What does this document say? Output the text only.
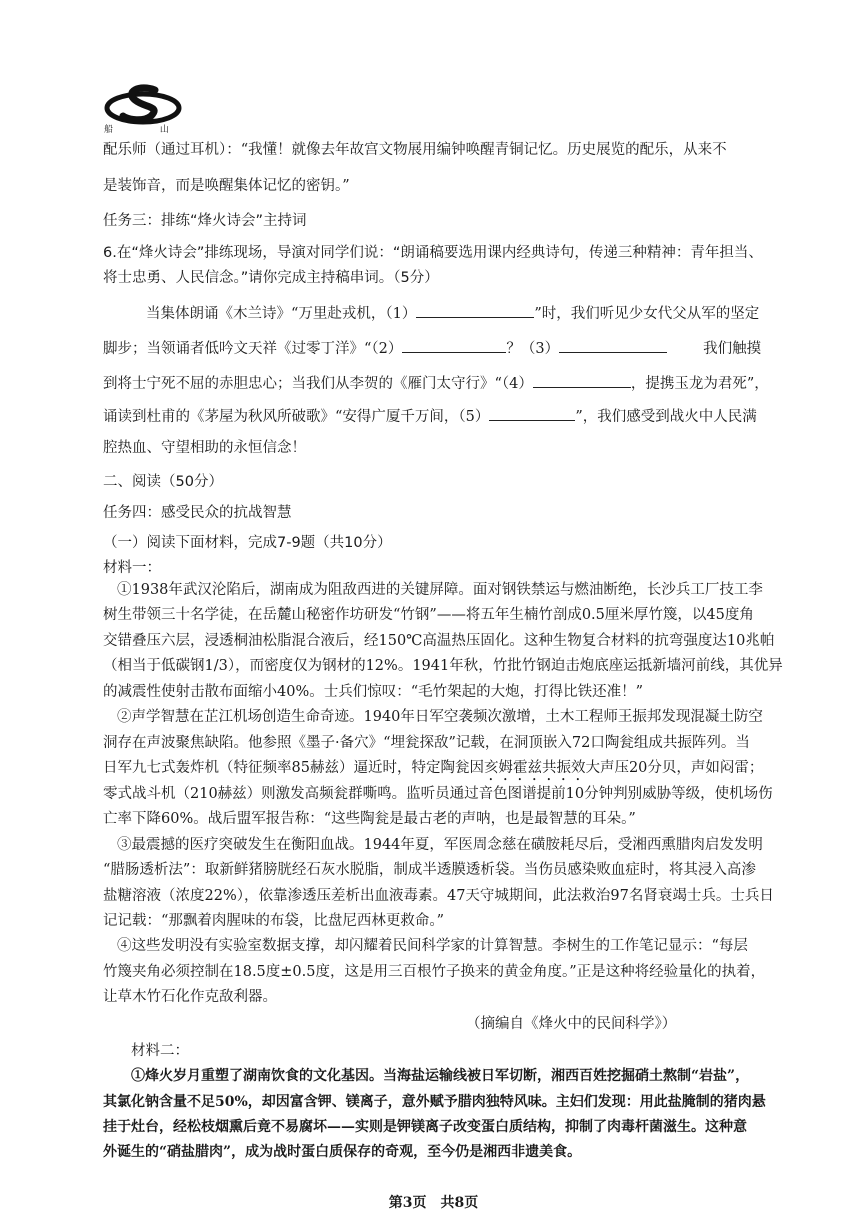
船 山
配乐师（通过耳机）：“我懂！就像去年故宫文物展用编钟唤醒青铜记忆。历史展览的配乐，从来不
是装饰音，而是唤醒集体记忆的密钥。”
任务三：排练“烽火诗会”主持词
6.在“烽火诗会”排练现场，导演对同学们说：“朗诵稿要选用课内经典诗句，传递三种精神：青年担当、
将士忠勇、人民信念。”请你完成主持稿串词。（5分）
当集体朗诵《木兰诗》“万里赴戎机，（1）	”时，我们听见少女代父从军的坚定
脚步；当领诵者低吟文天祥《过零丁洋》“（2）	？（3）	我们触摸
到将士宁死不屈的赤胆忠心；当我们从李贺的《雁门太守行》“（4）	，提携玉龙为君死”，
诵读到杜甫的《茅屋为秋风所破歌》“安得广厦千万间，（5）	”，我们感受到战火中人民满
腔热血、守望相助的永恒信念！
二、阅读（50分）
任务四：感受民众的抗战智慧
（一）阅读下面材料，完成7-9题（共10分）
材料一：
①1938年武汉沦陷后，湖南成为阻敌西进的关键屏障。面对钢铁禁运与燃油断绝，长沙兵工厂技工李
树生带领三十名学徒，在岳麓山秘密作坊研发“竹钢”——将五年生楠竹剖成0.5厘米厚竹篾，以45度角
交错叠压六层，浸透桐油松脂混合液后，经150℃高温热压固化。这种生物复合材料的抗弯强度达10兆帕
（相当于低碳钢1/3），而密度仅为钢材的12%。1941年秋，竹批竹钢迫击炮底座运抵新墙河前线，其优异
的减震性使射击散布面缩小40%。士兵们惊叹：“毛竹架起的大炮，打得比铁还准！”
②声学智慧在芷江机场创造生命奇迹。1940年日军空袭频次激增，土木工程师王振邦发现混凝土防空
洞存在声波聚焦缺陷。他参照《墨子·备穴》“埋瓮探敌”记载，在洞顶嵌入72口陶瓮组成共振阵列。当
日军九七式轰炸机（特征频率85赫兹）逼近时，特定陶瓮因亥姆霍兹共振效大声压20分贝，声如闷雷；
零式战斗机（210赫兹）则激发高频瓮群嘶鸣。监听员通过音色图谱提前10分钟判别威胁等级，使机场伤
亡率下降60%。战后盟军报告称：“这些陶瓮是最古老的声呐，也是最智慧的耳朵。”
③最震撼的医疗突破发生在衡阳血战。1944年夏，军医周念慈在磺胺耗尽后，受湘西熏腊肉启发发明
“腊肠透析法”：取新鲜猪膀胱经石灰水脱脂，制成半透膜透析袋。当伤员感染败血症时，将其浸入高渗
盐糖溶液（浓度22%），依靠渗透压差析出血液毒素。47天守城期间，此法救治97名肾衰竭士兵。士兵日
记记载：“那飘着肉腥味的布袋，比盘尼西林更救命。”
④这些发明没有实验室数据支撑，却闪耀着民间科学家的计算智慧。李树生的工作笔记显示：“每层
竹篾夹角必须控制在18.5度±0.5度，这是用三百根竹子换来的黄金角度。”正是这种将经验量化的执着，
让草木竹石化作克敌利器。
（摘编自《烽火中的民间科学》）
材料二：
①烽火岁月重塑了湖南饮食的文化基因。当海盐运输线被日军切断，湘西百姓挖掘硝土熬制“岩盐”，
其氯化钠含量不足50%，却因富含钾、镁离子，意外赋予腊肉独特风味。主妇们发现：用此盐腌制的猪肉悬
挂于灶台，经松枝烟熏后竟不易腐坏——实则是钾镁离子改变蛋白质结构，抑制了肉毒杆菌滋生。这种意
外诞生的“硝盐腊肉”，成为战时蛋白质保存的奇观，至今仍是湘西非遗美食。
第3页　共8页
